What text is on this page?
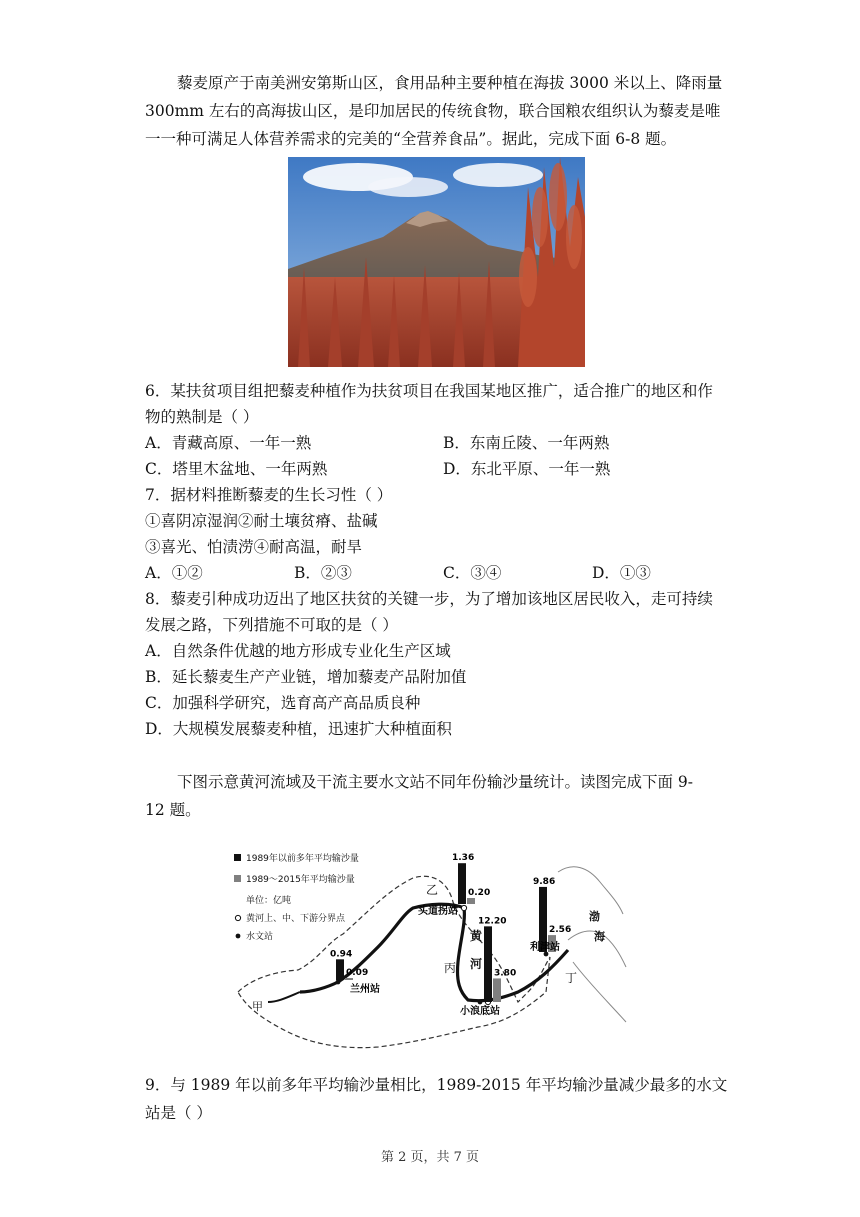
藜麦原产于南美洲安第斯山区，食用品种主要种植在海拔 3000 米以上、降雨量
300mm 左右的高海拔山区，是印加居民的传统食物，联合国粮农组织认为藜麦是唯
一一种可满足人体营养需求的完美的“全营养食品”。据此，完成下面 6-8 题。
6．某扶贫项目组把藜麦种植作为扶贫项目在我国某地区推广，适合推广的地区和作
物的熟制是（ ）
A．青藏高原、一年一熟	B．东南丘陵、一年两熟
C．塔里木盆地、一年两熟	D．东北平原、一年一熟
7．据材料推断藜麦的生长习性（ ）
①喜阴凉湿润②耐土壤贫瘠、盐碱
③喜光、怕渍涝④耐高温，耐旱
A．①②	B．②③	C．③④	D．①③
8．藜麦引种成功迈出了地区扶贫的关键一步，为了增加该地区居民收入，走可持续
发展之路，下列措施不可取的是（ ）
A．自然条件优越的地方形成专业化生产区域
B．延长藜麦生产产业链，增加藜麦产品附加值
C．加强科学研究，选育高产高品质良种
D．大规模发展藜麦种植，迅速扩大种植面积
下图示意黄河流域及干流主要水文站不同年份输沙量统计。读图完成下面 9-
12 题。
1989年以前多年平均输沙量
1989～2015年平均输沙量
单位：亿吨
黄河上、中、下游分界点
水文站
甲
乙
丙
丁
黄
河
渤
海
0.94
0.09
兰州站
1.36
0.20
头道拐站
12.20
3.80
小浪底站
9.86
2.56
利津站
9．与 1989 年以前多年平均输沙量相比，1989-2015 年平均输沙量减少最多的水文
站是（ ）
第 2 页，共 7 页
